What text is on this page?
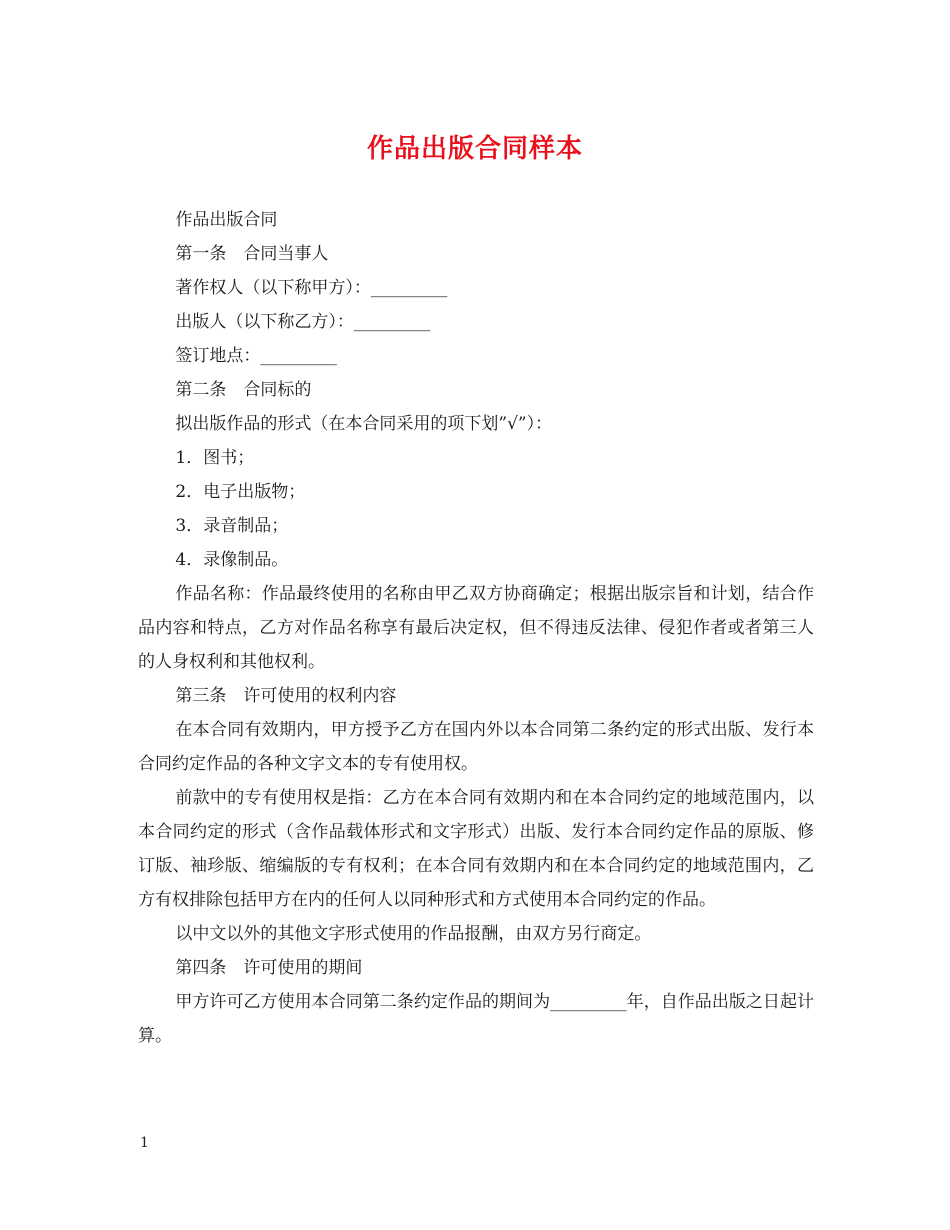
作品出版合同样本

作品出版合同

第一条　合同当事人

著作权人（以下称甲方）：_________

出版人（以下称乙方）：_________

签订地点：_________

第二条　合同标的

拟出版作品的形式（在本合同采用的项下划”√”）：

1．图书；

2．电子出版物；

3．录音制品；

4．录像制品。

作品名称：作品最终使用的名称由甲乙双方协商确定；根据出版宗旨和计划，结合作品内容和特点，乙方对作品名称享有最后决定权，但不得违反法律、侵犯作者或者第三人的人身权利和其他权利。

第三条　许可使用的权利内容

在本合同有效期内，甲方授予乙方在国内外以本合同第二条约定的形式出版、发行本合同约定作品的各种文字文本的专有使用权。

前款中的专有使用权是指：乙方在本合同有效期内和在本合同约定的地域范围内，以本合同约定的形式（含作品载体形式和文字形式）出版、发行本合同约定作品的原版、修订版、袖珍版、缩编版的专有权利；在本合同有效期内和在本合同约定的地域范围内，乙方有权排除包括甲方在内的任何人以同种形式和方式使用本合同约定的作品。

以中文以外的其他文字形式使用的作品报酬，由双方另行商定。

第四条　许可使用的期间

甲方许可乙方使用本合同第二条约定作品的期间为_________年，自作品出版之日起计算。

1
